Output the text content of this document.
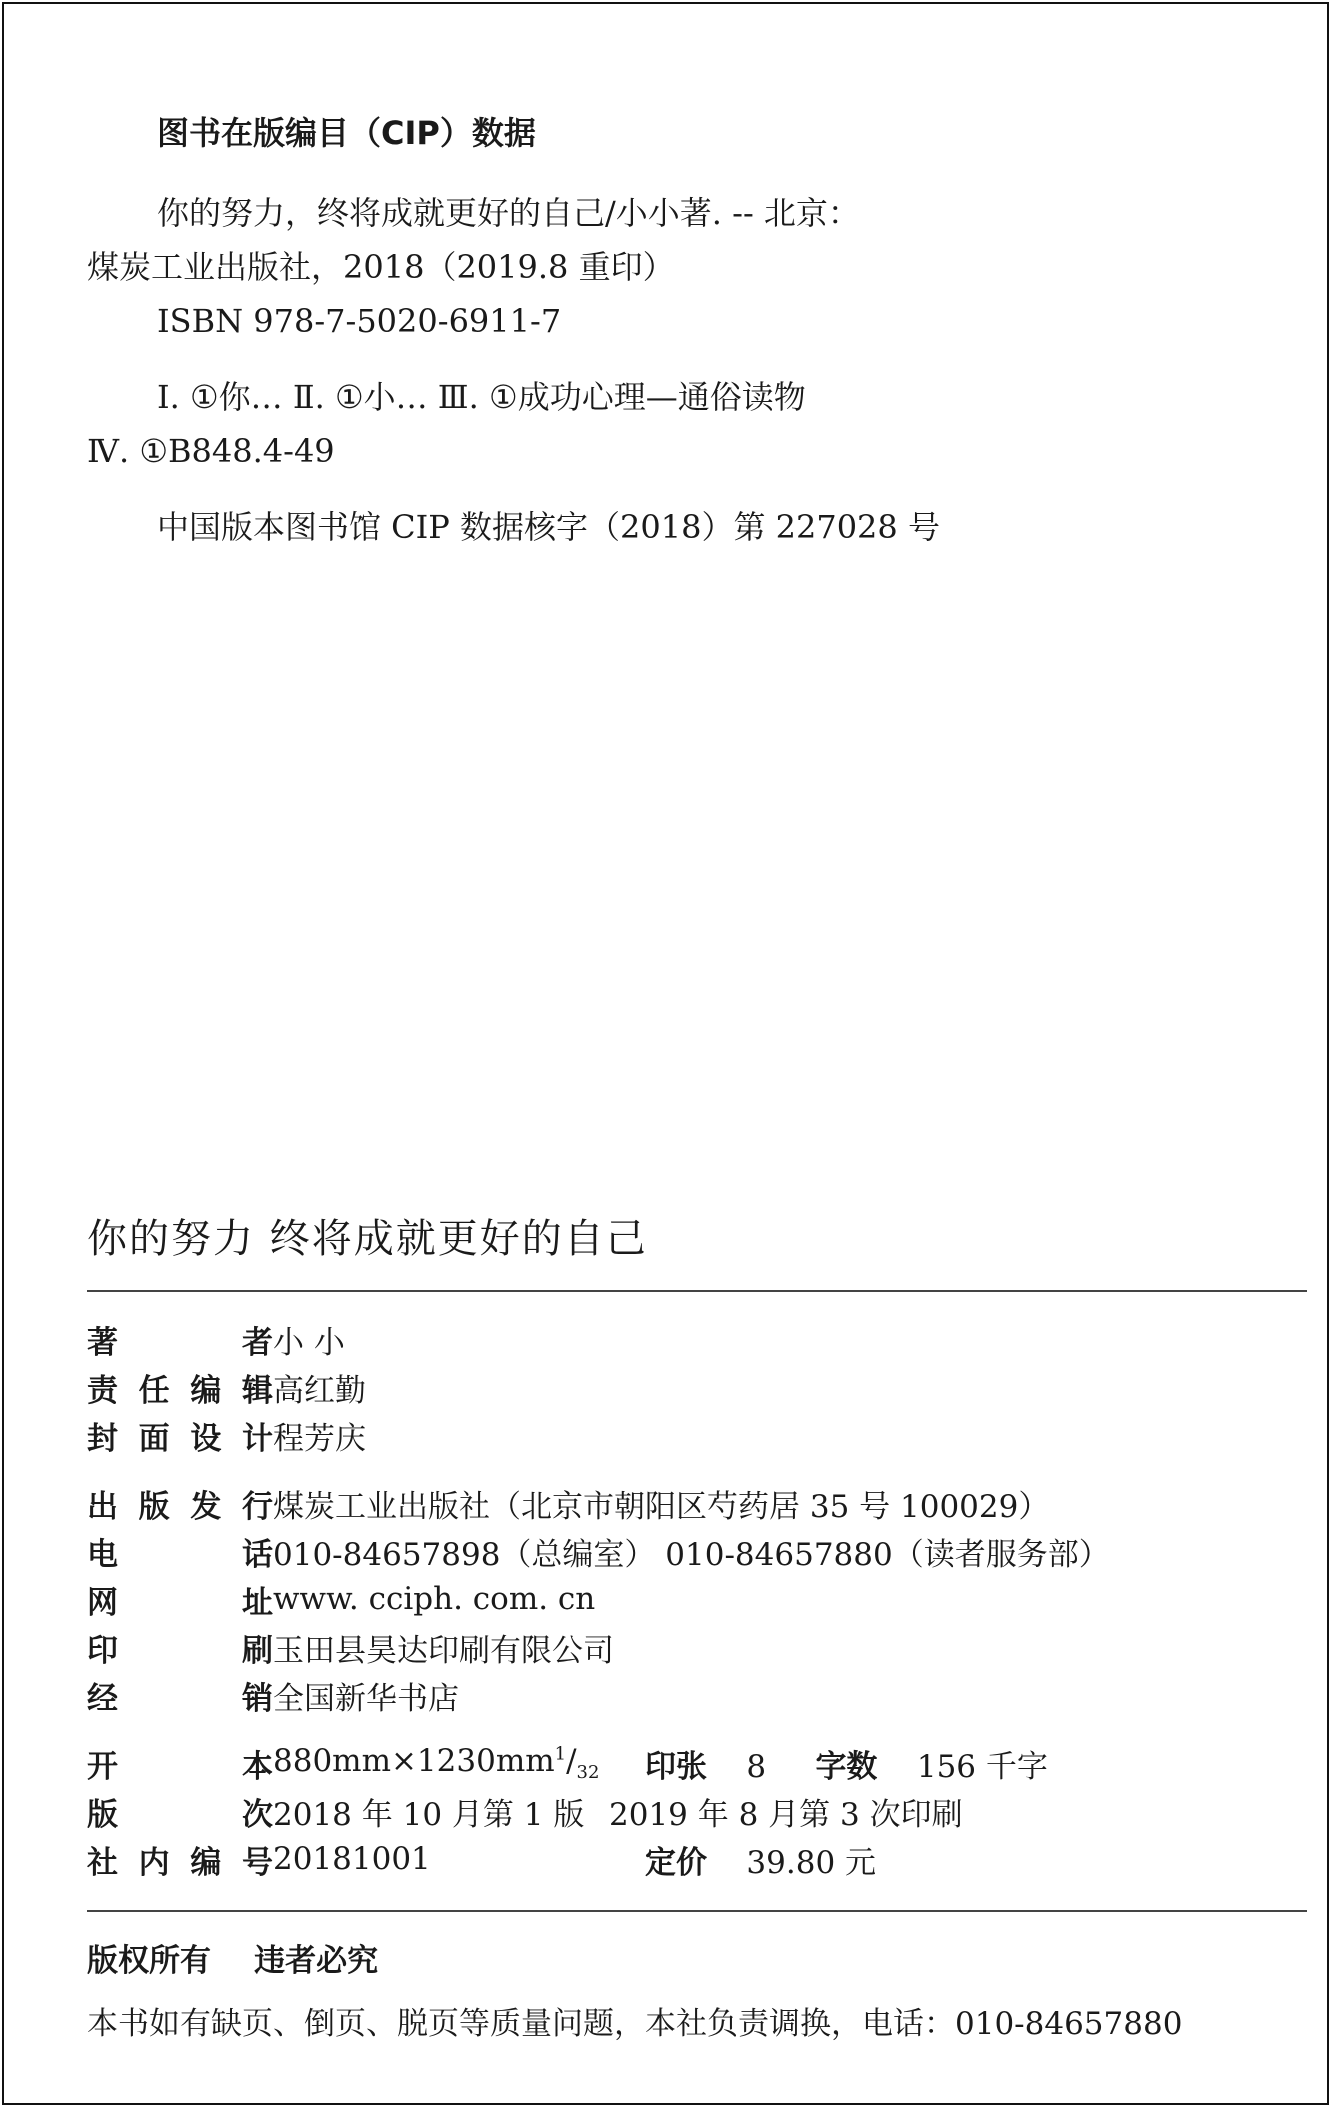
图书在版编目（CIP）数据
你的努力，终将成就更好的自己/小小著. -- 北京：
煤炭工业出版社，2018（2019.8 重印）
ISBN 978-7-5020-6911-7
Ⅰ. ①你… Ⅱ. ①小… Ⅲ. ①成功心理—通俗读物
Ⅳ. ①B848.4-49
中国版本图书馆 CIP 数据核字（2018）第 227028 号
你的努力 终将成就更好的自己
著者 小 小
责任编辑 高红勤
封面设计 程芳庆
出版发行 煤炭工业出版社（北京市朝阳区芍药居 35 号 100029）
电话 010-84657898（总编室） 010-84657880（读者服务部）
网址 www. cciph. com. cn
印刷 玉田县昊达印刷有限公司
经销 全国新华书店
开本 $880mm\times 1230mm^1/_{32}$	印张 8 字数 156 千字
版次 2018 年 10 月第 1 版 2019 年 8 月第 3 次印刷
社内编号 20181001	定价 39.80 元
版权所有 违者必究
本书如有缺页、倒页、脱页等质量问题，本社负责调换，电话：010-84657880
